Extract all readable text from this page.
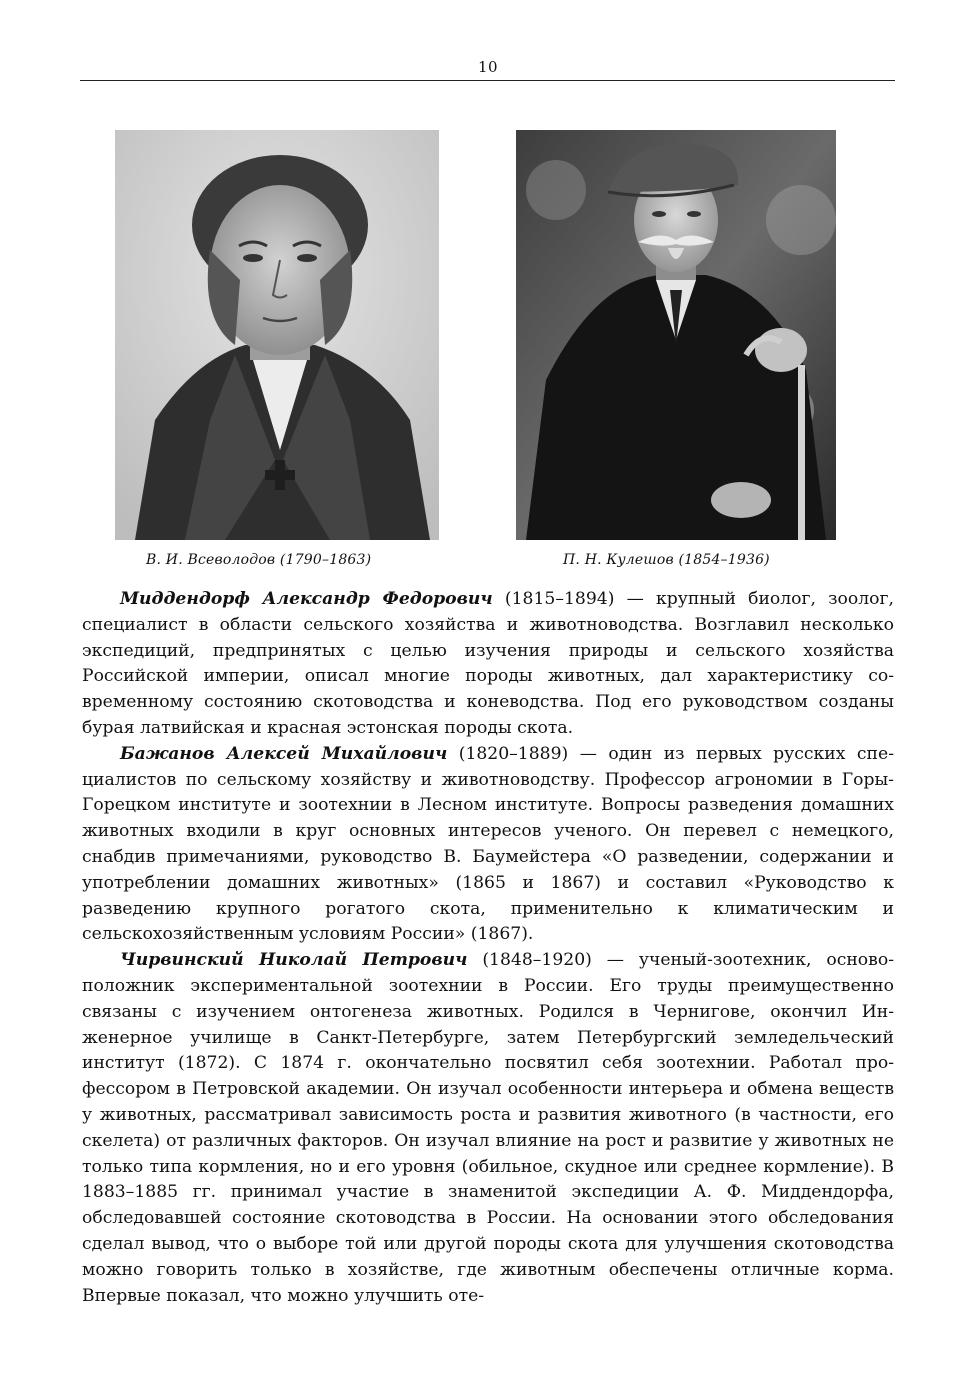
10
В. И. Всеволодов (1790–1863)	П. Н. Кулешов (1854–1936)

Миддендорф Александр Федорович (1815–1894) — крупный биолог, зоолог, специалист в области сельского хозяйства и животноводства. Возглавил несколько экспедиций, предпринятых с целью изучения природы и сельского хозяйства Российской империи, описал многие породы животных, дал характеристику современному состоянию скотоводства и коневодства. Под его руководством созданы бурая латвийская и красная эстонская породы скота.

Бажанов Алексей Михайлович (1820–1889) — один из первых русских специалистов по сельскому хозяйству и животноводству. Профессор агрономии в Горы-Горецком институте и зоотехнии в Лесном институте. Вопросы разведения домашних животных входили в круг основных интересов ученого. Он перевел с немецкого, снабдив примечаниями, руководство В. Баумейстера «О разведении, содержании и употреблении домашних животных» (1865 и 1867) и составил «Руководство к разведению крупного рогатого скота, применительно к климатическим и сельскохозяйственным условиям России» (1867).

Чирвинский Николай Петрович (1848–1920) — ученый-зоотехник, основоположник экспериментальной зоотехнии в России. Его труды преимущественно связаны с изучением онтогенеза животных. Родился в Чернигове, окончил Инженерное училище в Санкт-Петербурге, затем Петербургский земледельческий институт (1872). С 1874 г. окончательно посвятил себя зоотехнии. Работал профессором в Петровской академии. Он изучал особенности интерьера и обмена веществ у животных, рассматривал зависимость роста и развития животного (в частности, его скелета) от различных факторов. Он изучал влияние на рост и развитие у животных не только типа кормления, но и его уровня (обильное, скудное или среднее кормление). В 1883–1885 гг. принимал участие в знаменитой экспедиции А. Ф. Миддендорфа, обследовавшей состояние скотоводства в России. На основании этого обследования сделал вывод, что о выборе той или другой породы скота для улучшения скотоводства можно говорить только в хозяйстве, где животным обеспечены отличные корма. Впервые показал, что можно улучшить оте-
